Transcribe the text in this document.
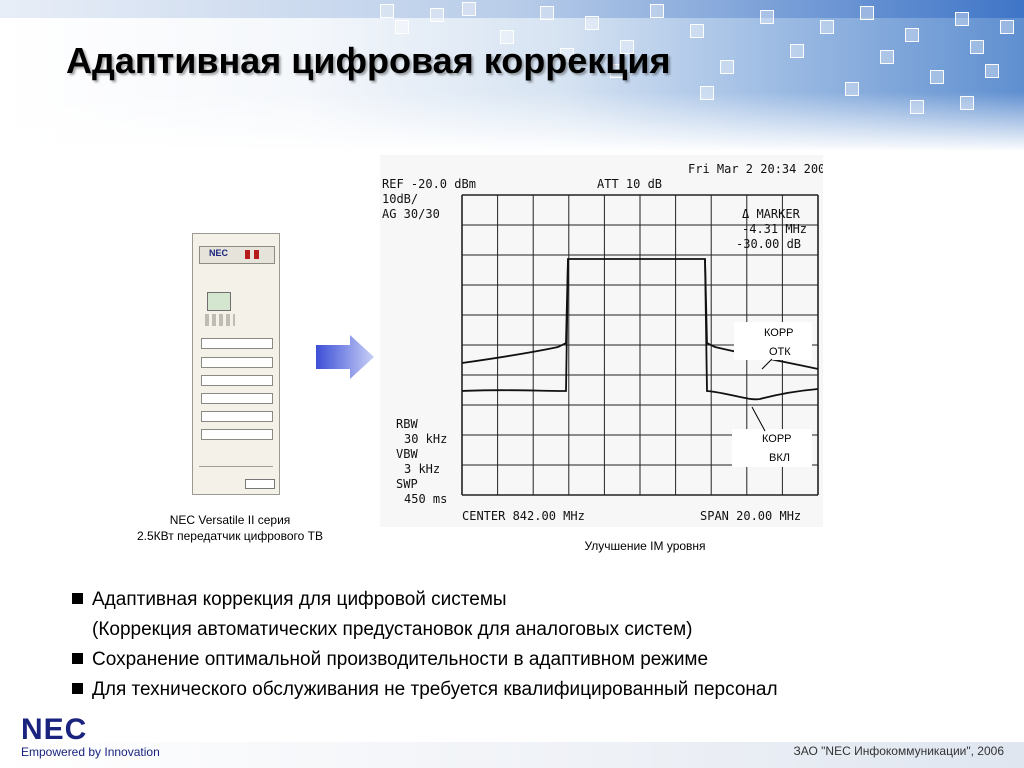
Адаптивная цифровая коррекция
NEC
NEC Versatile II серия
2.5КВт передатчик цифрового ТВ
Fri Mar 2 20:34 2001
REF -20.0 dBm	ATT 10 dB
10dB/
AG 30/30	Δ MARKER
-4.31 MHz
-30.00 dB
RBW
30 kHz
VBW
3 kHz
SWP
450 ms
CENTER 842.00 MHz	SPAN 20.00 MHz
КОРР
ОТК
КОРР
ВКЛ
Улучшение IM уровня
Адаптивная коррекция для цифровой системы
(Коррекция автоматических предустановок для аналоговых систем)
Сохранение оптимальной производительности в адаптивном режиме
Для технического обслуживания не требуется квалифицированный персонал
NEC
Empowered by Innovation	ЗАО "NEC Инфокоммуникации", 2006
